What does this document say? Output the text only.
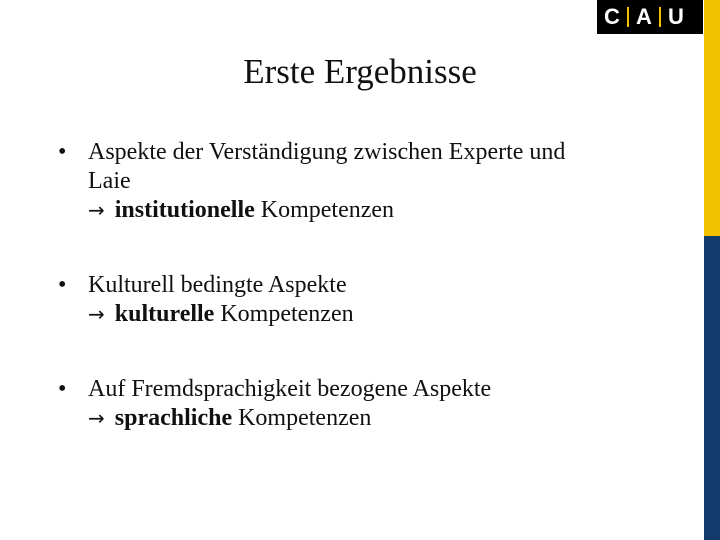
C A U
Erste Ergebnisse
• Aspekte der Verständigung zwischen Experte und Laie
→ institutionelle Kompetenzen
• Kulturell bedingte Aspekte
→ kulturelle Kompetenzen
• Auf Fremdsprachigkeit bezogene Aspekte
→ sprachliche Kompetenzen
